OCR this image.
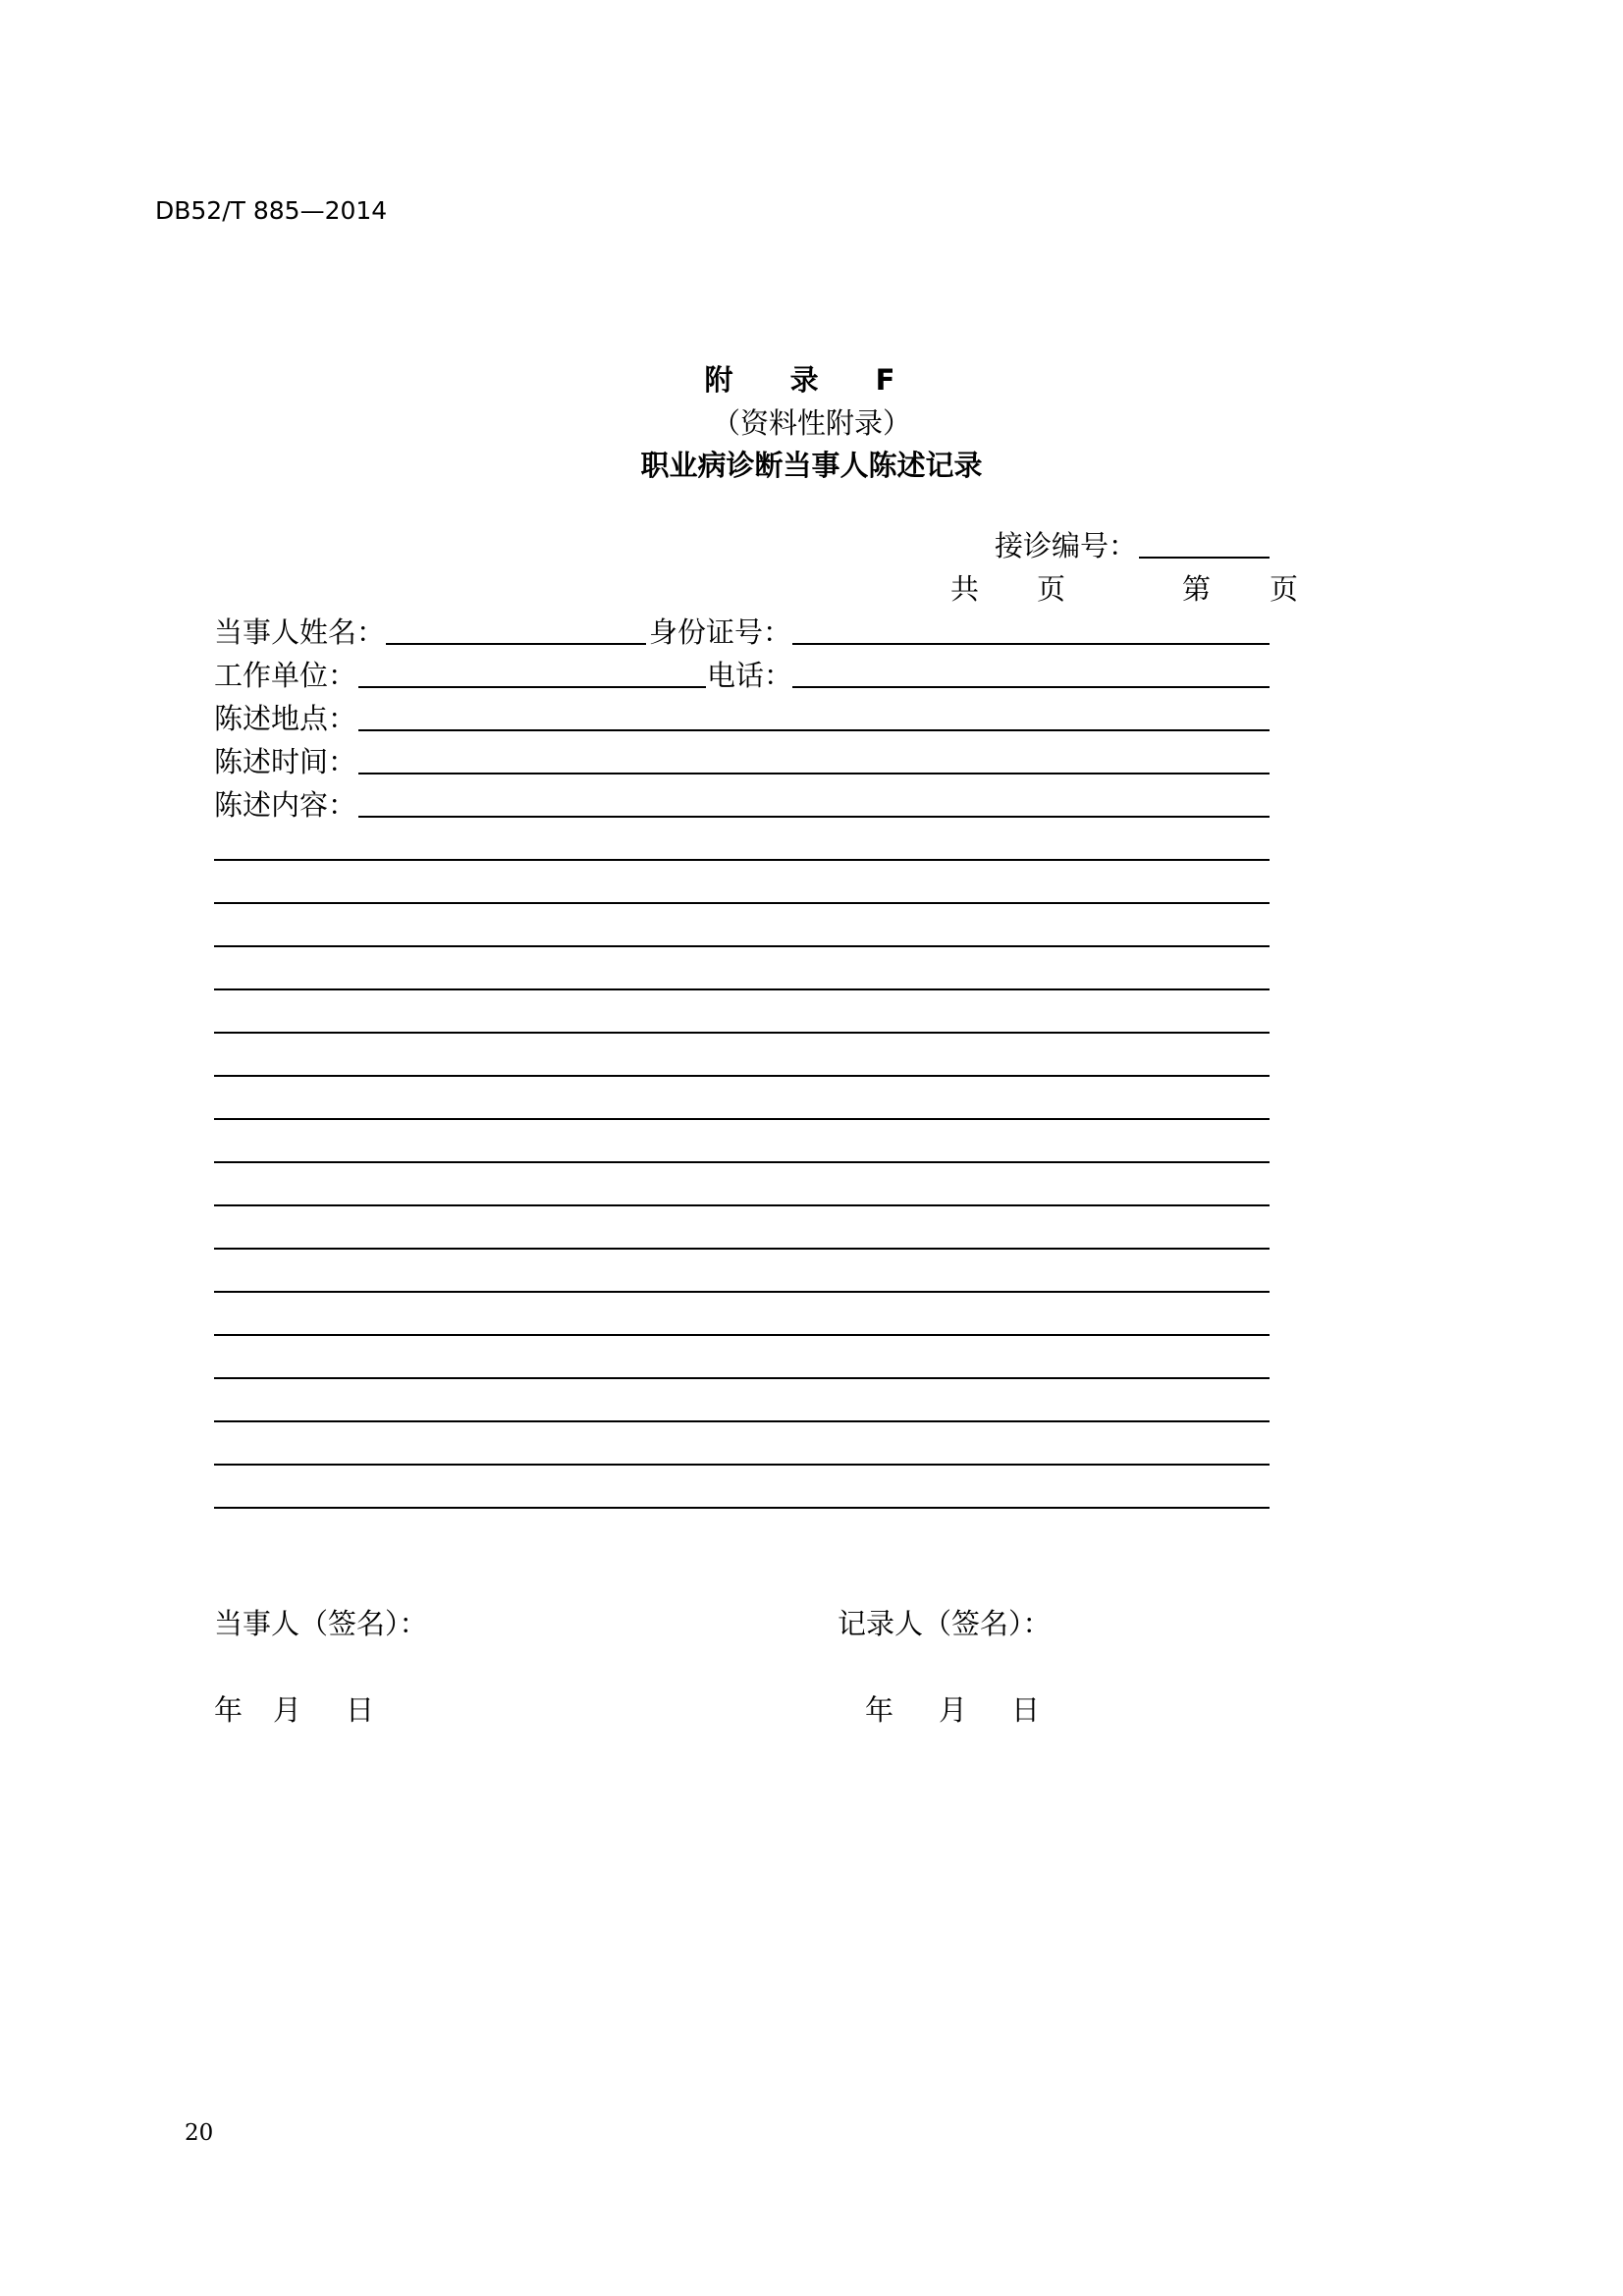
DB52/T 885—2014
附 录 F
（资料性附录）
职业病诊断当事人陈述记录
接诊编号：
共 页	第 页
当事人姓名：	身份证号：
工作单位：	电话：
陈述地点：
陈述时间：
陈述内容：
当事人（签名）：	记录人（签名）：
年 月 日	年 月 日
20
